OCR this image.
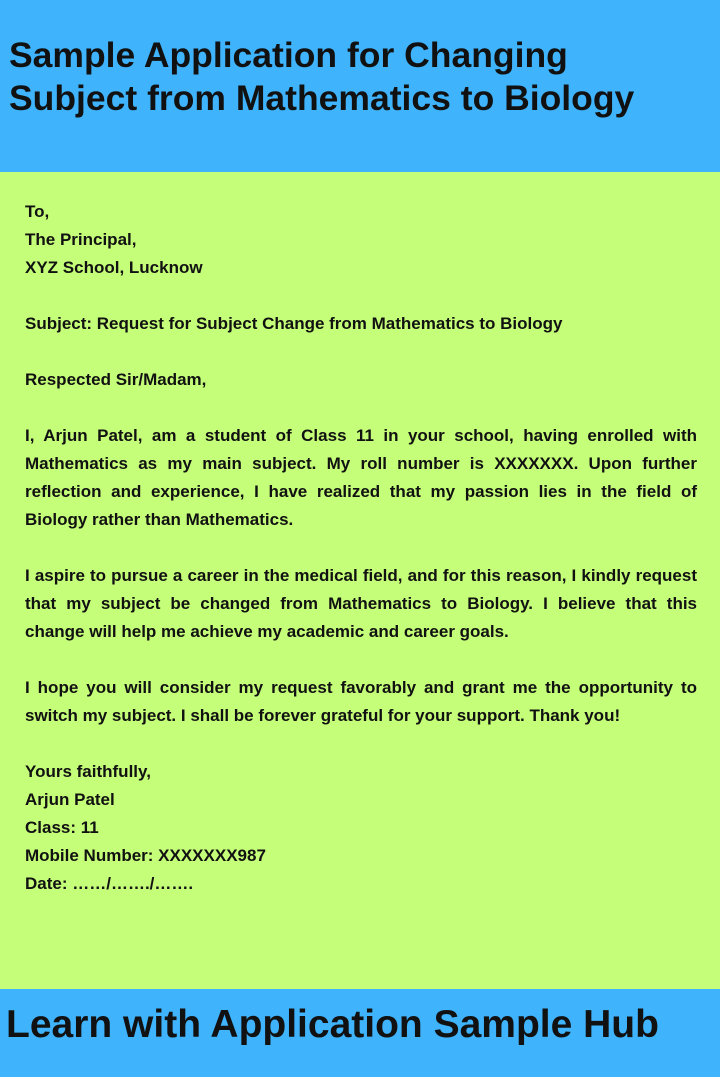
Sample Application for Changing
Subject from Mathematics to Biology

To,

The Principal,

XYZ School, Lucknow

Subject: Request for Subject Change from Mathematics to Biology

Respected Sir/Madam,

I, Arjun Patel, am a student of Class 11 in your school, having enrolled with Mathematics as my main subject. My roll number is XXXXXXX. Upon further reflection and experience, I have realized that my passion lies in the field of Biology rather than Mathematics.

I aspire to pursue a career in the medical field, and for this reason, I kindly request that my subject be changed from Mathematics to Biology. I believe that this change will help me achieve my academic and career goals.

I hope you will consider my request favorably and grant me the opportunity to switch my subject. I shall be forever grateful for your support. Thank you!

Yours faithfully,

Arjun Patel

Class: 11

Mobile Number: XXXXXXX987

Date: ……/……./…….

Learn with Application Sample Hub
